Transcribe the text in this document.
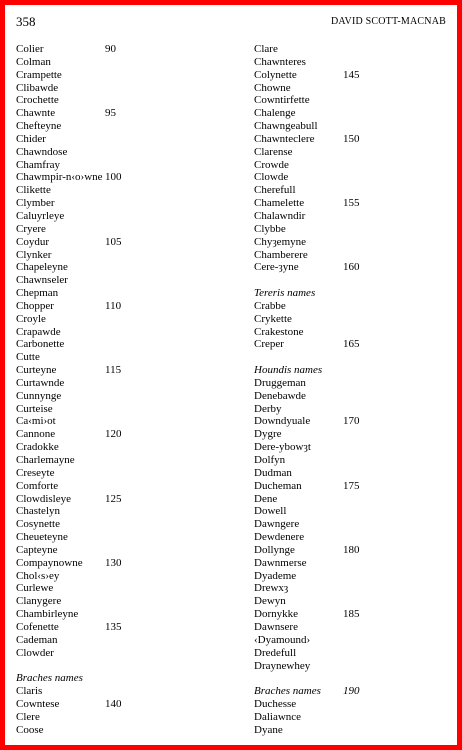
358	DAVID SCOTT-MACNAB
Colier	90
Colman
Crampette
Clibawde
Crochette
Chawnte	95
Chefteyne
Chider
Chawndose
Chamfray
Chawmpir-n‹o›wne 100
Clikette
Clymber
Caluyrleye
Cryere
Coydur	105
Clynker
Chapeleyne
Chawnseler
Chepman
Chopper	110
Croyle
Crapawde
Carbonette
Cutte
Curteyne	115
Curtawnde
Cunnynge
Curteise
Ca‹mi›ot
Cannone	120
Cradokke
Charlemayne
Creseyte
Comforte
Clowdisleye	125
Chastelyn
Cosynette
Cheueteyne
Capteyne
Compaynowne 130
Chol‹s›ey
Curlewe
Clanygere
Chambirleyne
Cofenette	135
Cademan
Clowder
Braches names
Claris
Cowntese	140
Clere
Coose
Clare
Chawnteres
Colynette	145
Chowne
Cowntirfette
Chalenge
Chawngeabull
Chawnteclere	150
Clarense
Crowde
Clowde
Cherefull
Chamelette	155
Chalawndir
Clybbe
Chyȝemyne
Chamberere
Cere-ȝyne	160
Tereris names
Crabbe
Crykette
Crakestone
Creper	165
Houndis names
Druggeman
Denebawde
Derby
Downdyuale	170
Dygre
Dere-ybowȝt
Dolfyn
Dudman
Ducheman	175
Dene
Dowell
Dawngere
Dewdenere
Dollynge	180
Dawnmerse
Dyademe
Drewxȝ
Dewyn
Dornykke	185
Dawnsere
‹Dyamound›
Dredefull
Draynewhey
Braches names 190
Duchesse
Daliawnce
Dyane
